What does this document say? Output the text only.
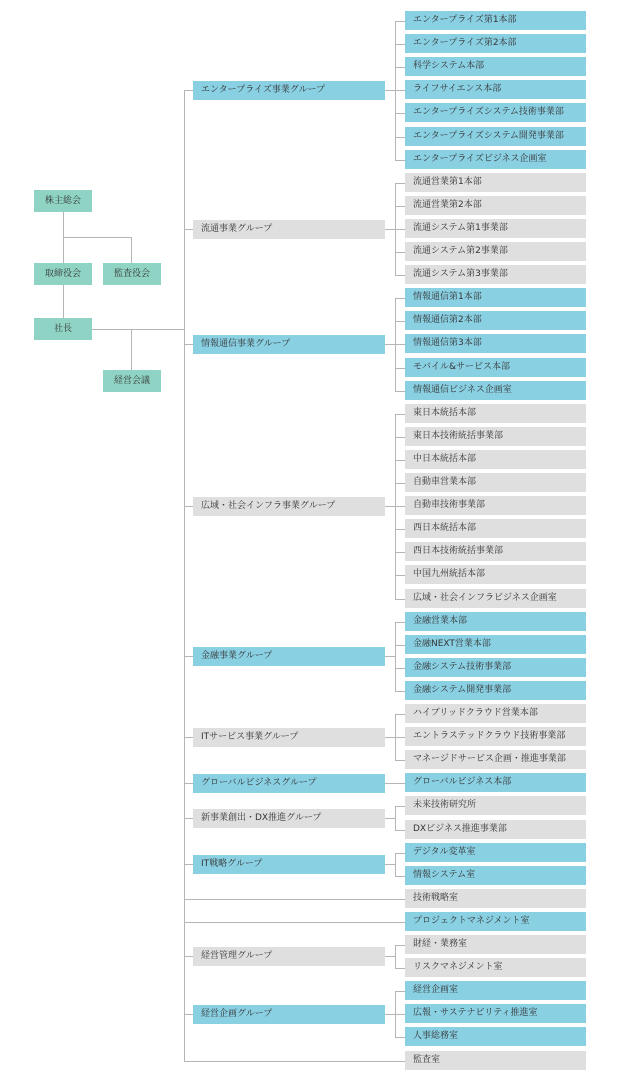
株主総会
取締役会	監査役会
社長
経営会議
エンタープライズ第1本部
エンタープライズ第2本部
科学システム本部
ライフサイエンス本部
エンタープライズシステム技術事業部
エンタープライズシステム開発事業部
エンタープライズビジネス企画室
エンタープライズ事業グループ
流通営業第1本部
流通営業第2本部
流通システム第1事業部
流通システム第2事業部
流通システム第3事業部
流通事業グループ
情報通信第1本部
情報通信第2本部
情報通信第3本部
モバイル&サービス本部
情報通信ビジネス企画室
情報通信事業グループ
東日本統括本部
東日本技術統括事業部
中日本統括本部
自動車営業本部
自動車技術事業部
西日本統括本部
西日本技術統括事業部
中国九州統括本部
広域・社会インフラビジネス企画室
広域・社会インフラ事業グループ
金融営業本部
金融NEXT営業本部
金融システム技術事業部
金融システム開発事業部
金融事業グループ
ハイブリッドクラウド営業本部
エントラステッドクラウド技術事業部
マネージドサービス企画・推進事業部
ITサービス事業グループ
グローバルビジネス本部
グローバルビジネスグループ
未来技術研究所
DXビジネス推進事業部
新事業創出・DX推進グループ
デジタル変革室
情報システム室
IT戦略グループ
技術戦略室
プロジェクトマネジメント室
財経・業務室
リスクマネジメント室
経営管理グループ
経営企画室
広報・サステナビリティ推進室
人事総務室
経営企画グループ
監査室
